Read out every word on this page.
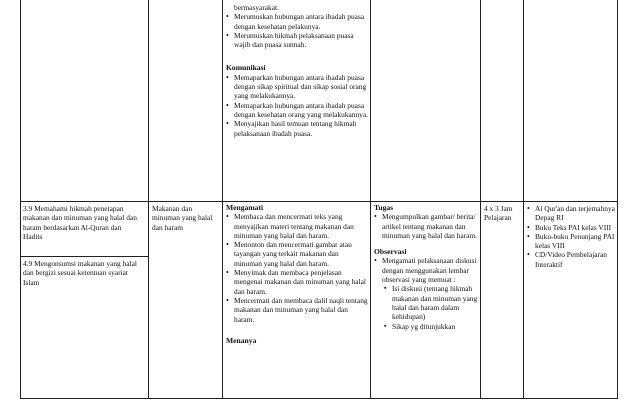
bermasyarakat.
• Merumuskan hubungan antara ibadah puasa dengan kesehatan pelakunya.
• Merumuskan hikmah pelaksanaan puasa wajib dan puasa sunnah.
Komunikasi
• Memaparkan hubungan antara ibadah puasa dengan sikap spiritual dan sikap sosial orang yang melakukannya.
• Memaparkan hubungan antara ibadah puasa dengan kesehatan orang yang melakukannya.
• Menyajikan hasil temuan tentang hikmah pelaksanaan ibadah puasa.
3.9 Memahami hikmah penetapan makanan dan minuman yang halal dan haram berdasarkan Al-Quran dan Hadits
4.9 Mengonsumsi makanan yang halal dan bergizi sesuai ketentuan syariat Islam
Makanan dan minuman yang halal dan haram
Mengamati
• Membaca dan mencermati teks yang menyajikan materi tentang makanan dan minuman yang halal dan haram.
• Menonton dan mencermati gambar atau tayangan yang terkait makanan dan minuman yang halal dan haram.
• Menyimak dan membaca penjelasan mengenai makanan dan minuman yang halal dan haram.
• Mencermati dan membaca dalil naqli tentang makanan dan minuman yang halal dan haram.
Menanya
Tugas
• Mengumpulkan gambar/ berita/ artikel tentang makanan dan minuman yang halal dan haram.
Observasi
• Mengamati pelaksanaan diskusi dengan menggunakan lembar observasi yang memuat :
▪ Isi diskusi (tentang hikmah makanan dan minuman yang halal dan haram dalam kehidupan)
▪ Sikap yg ditunjukkan
4 x 3 Jam Pelajaran
• Al Qur'an dan terjemahnya Depag RI
• Buku Teks PAI kelas VIII
• Buku-buku Penunjang PAI kelas VIII
• CD/Video Pembelajaran Interaktif
